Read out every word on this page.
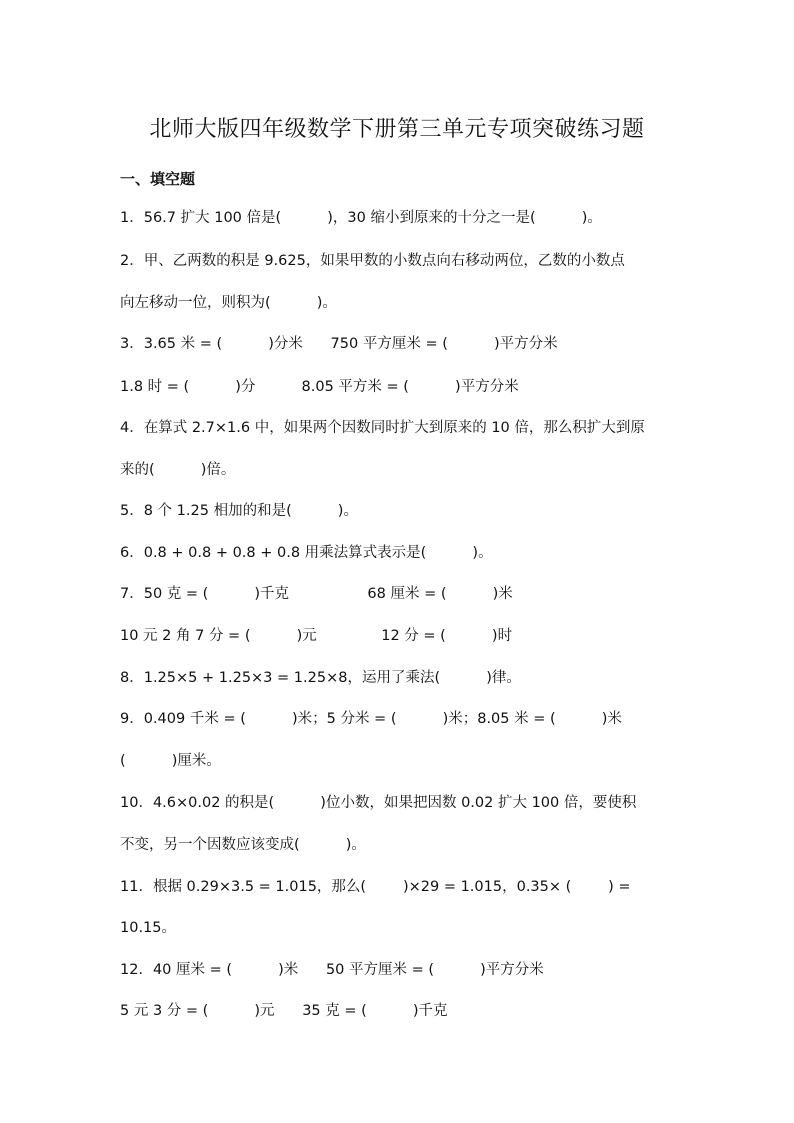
北师大版四年级数学下册第三单元专项突破练习题
一、填空题
1．56.7 扩大 100 倍是(          )，30 缩小到原来的十分之一是(          )。
2．甲、乙两数的积是 9.625，如果甲数的小数点向右移动两位，乙数的小数点
向左移动一位，则积为(          )。
3．3.65 米 = (          )分米      750 平方厘米 = (          )平方分米
1.8 时 = (          )分          8.05 平方米 = (          )平方分米
4．在算式 2.7×1.6 中，如果两个因数同时扩大到原来的 10 倍，那么积扩大到原
来的(          )倍。
5．8 个 1.25 相加的和是(          )。
6．0.8 + 0.8 + 0.8 + 0.8 用乘法算式表示是(          )。
7．50 克 = (          )千克                 68 厘米 = (          )米
10 元 2 角 7 分 = (          )元              12 分 = (          )时
8．1.25×5 + 1.25×3 = 1.25×8，运用了乘法(          )律。
9．0.409 千米 = (          )米；5 分米 = (          )米；8.05 米 = (          )米
(          )厘米。
10．4.6×0.02 的积是(          )位小数，如果把因数 0.02 扩大 100 倍，要使积
不变，另一个因数应该变成(          )。
11．根据 0.29×3.5 = 1.015，那么(        )×29 = 1.015，0.35× (        ) =
10.15。
12．40 厘米 = (          )米      50 平方厘米 = (          )平方分米
5 元 3 分 = (          )元      35 克 = (          )千克
